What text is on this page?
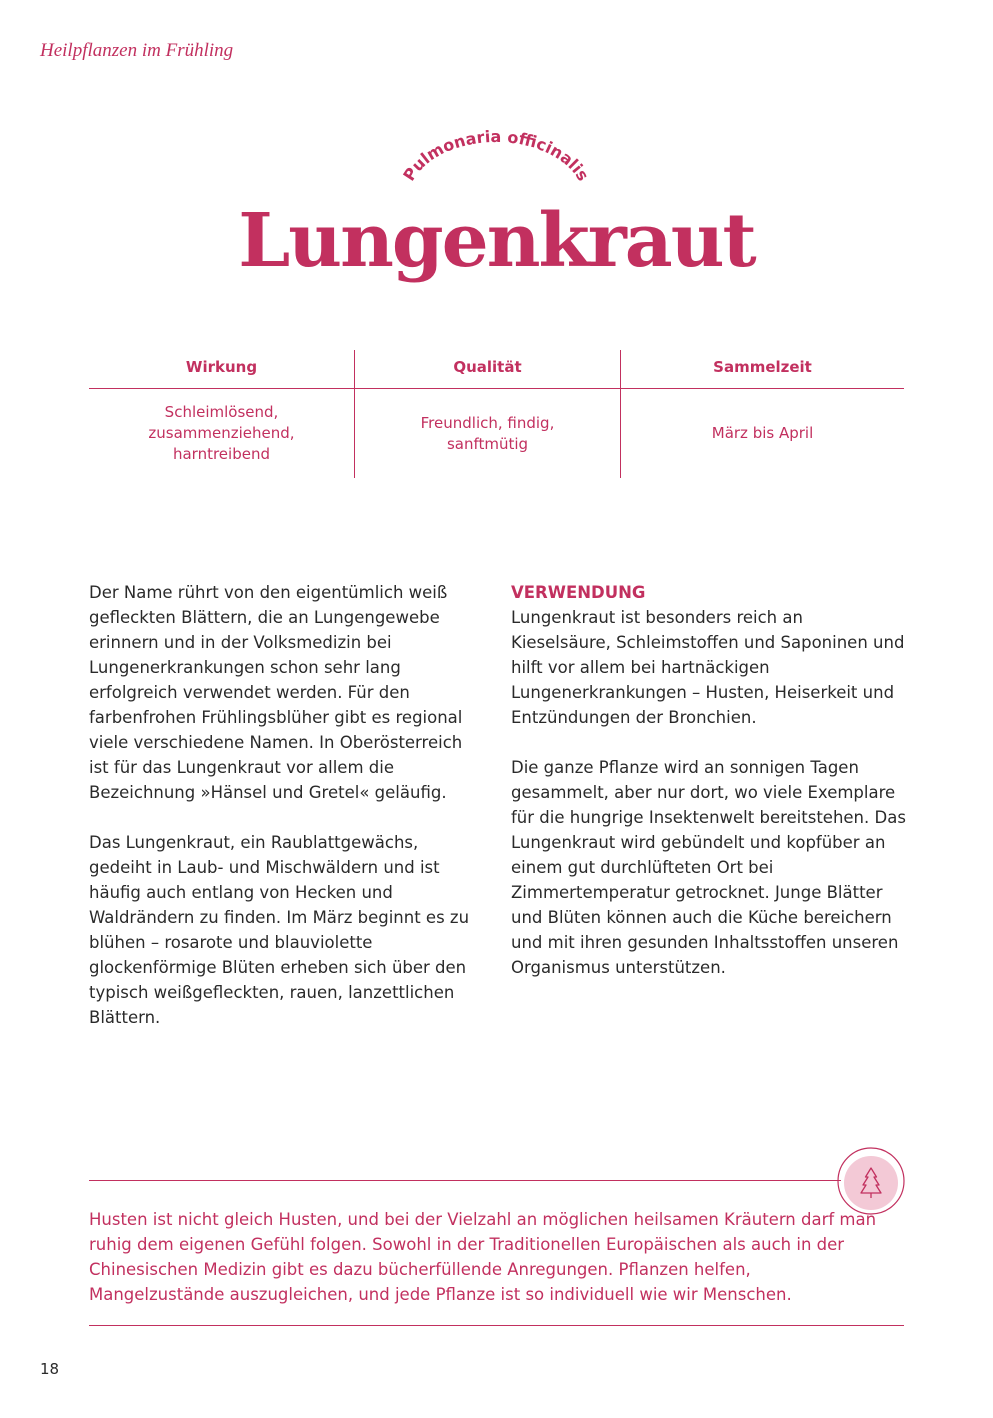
Heilpflanzen im Frühling
Pulmonaria officinalis
Lungenkraut
Wirkung
Schleimlösend, zusammenziehend, harntreibend
Qualität
Freundlich, findig, sanftmütig
Sammelzeit
März bis April

Der Name rührt von den eigentümlich weiß gefleckten Blättern, die an Lungengewebe erinnern und in der Volksmedizin bei Lungenerkrankungen schon sehr lang erfolgreich verwendet werden. Für den farbenfrohen Frühlingsblüher gibt es regional viele verschiedene Namen. In Oberösterreich ist für das Lungenkraut vor allem die Bezeichnung »Hänsel und Gretel« geläufig.

Das Lungenkraut, ein Raublattgewächs, gedeiht in Laub- und Mischwäldern und ist häufig auch entlang von Hecken und Waldrändern zu finden. Im März beginnt es zu blühen – rosarote und blauviolette glockenförmige Blüten erheben sich über den typisch weißgefleckten, rauen, lanzettlichen Blättern.

VERWENDUNG

Lungenkraut ist besonders reich an Kieselsäure, Schleimstoffen und Saponinen und hilft vor allem bei hartnäckigen Lungenerkrankungen – Husten, Heiserkeit und Entzündungen der Bronchien.

Die ganze Pflanze wird an sonnigen Tagen gesammelt, aber nur dort, wo viele Exemplare für die hungrige Insektenwelt bereitstehen. Das Lungenkraut wird gebündelt und kopfüber an einem gut durchlüfteten Ort bei Zimmertemperatur getrocknet. Junge Blätter und Blüten können auch die Küche bereichern und mit ihren gesunden Inhaltsstoffen unseren Organismus unterstützen.

Husten ist nicht gleich Husten, und bei der Vielzahl an möglichen heilsamen Kräutern darf man ruhig dem eigenen Gefühl folgen. Sowohl in der Traditionellen Europäischen als auch in der Chinesischen Medizin gibt es dazu bücherfüllende Anregungen. Pflanzen helfen, Mangelzustände auszugleichen, und jede Pflanze ist so individuell wie wir Menschen.
18
